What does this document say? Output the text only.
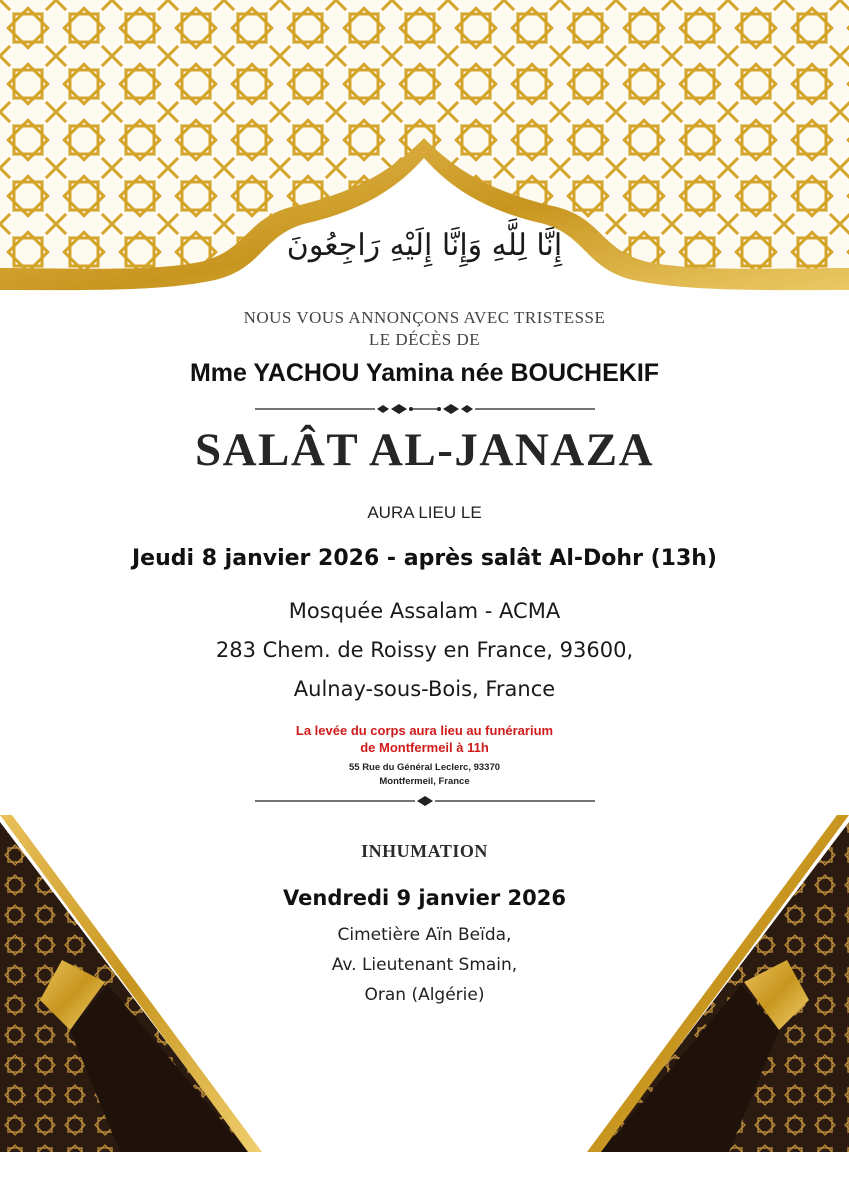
إِنَّا لِلَّهِ وَإِنَّا إِلَيْهِ رَاجِعُونَ
NOUS VOUS ANNONÇONS AVEC TRISTESSE
LE DÉCÈS DE
Mme YACHOU Yamina née BOUCHEKIF
SALÂT AL-JANAZA
AURA LIEU LE
Jeudi 8 janvier 2026 - après salât Al-Dohr (13h)
Mosquée Assalam - ACMA
283 Chem. de Roissy en France, 93600,
Aulnay-sous-Bois, France
La levée du corps aura lieu au funérarium
de Montfermeil à 11h
55 Rue du Général Leclerc, 93370
Montfermeil, France
INHUMATION
Vendredi 9 janvier 2026
Cimetière Aïn Beïda,
Av. Lieutenant Smain,
Oran (Algérie)
